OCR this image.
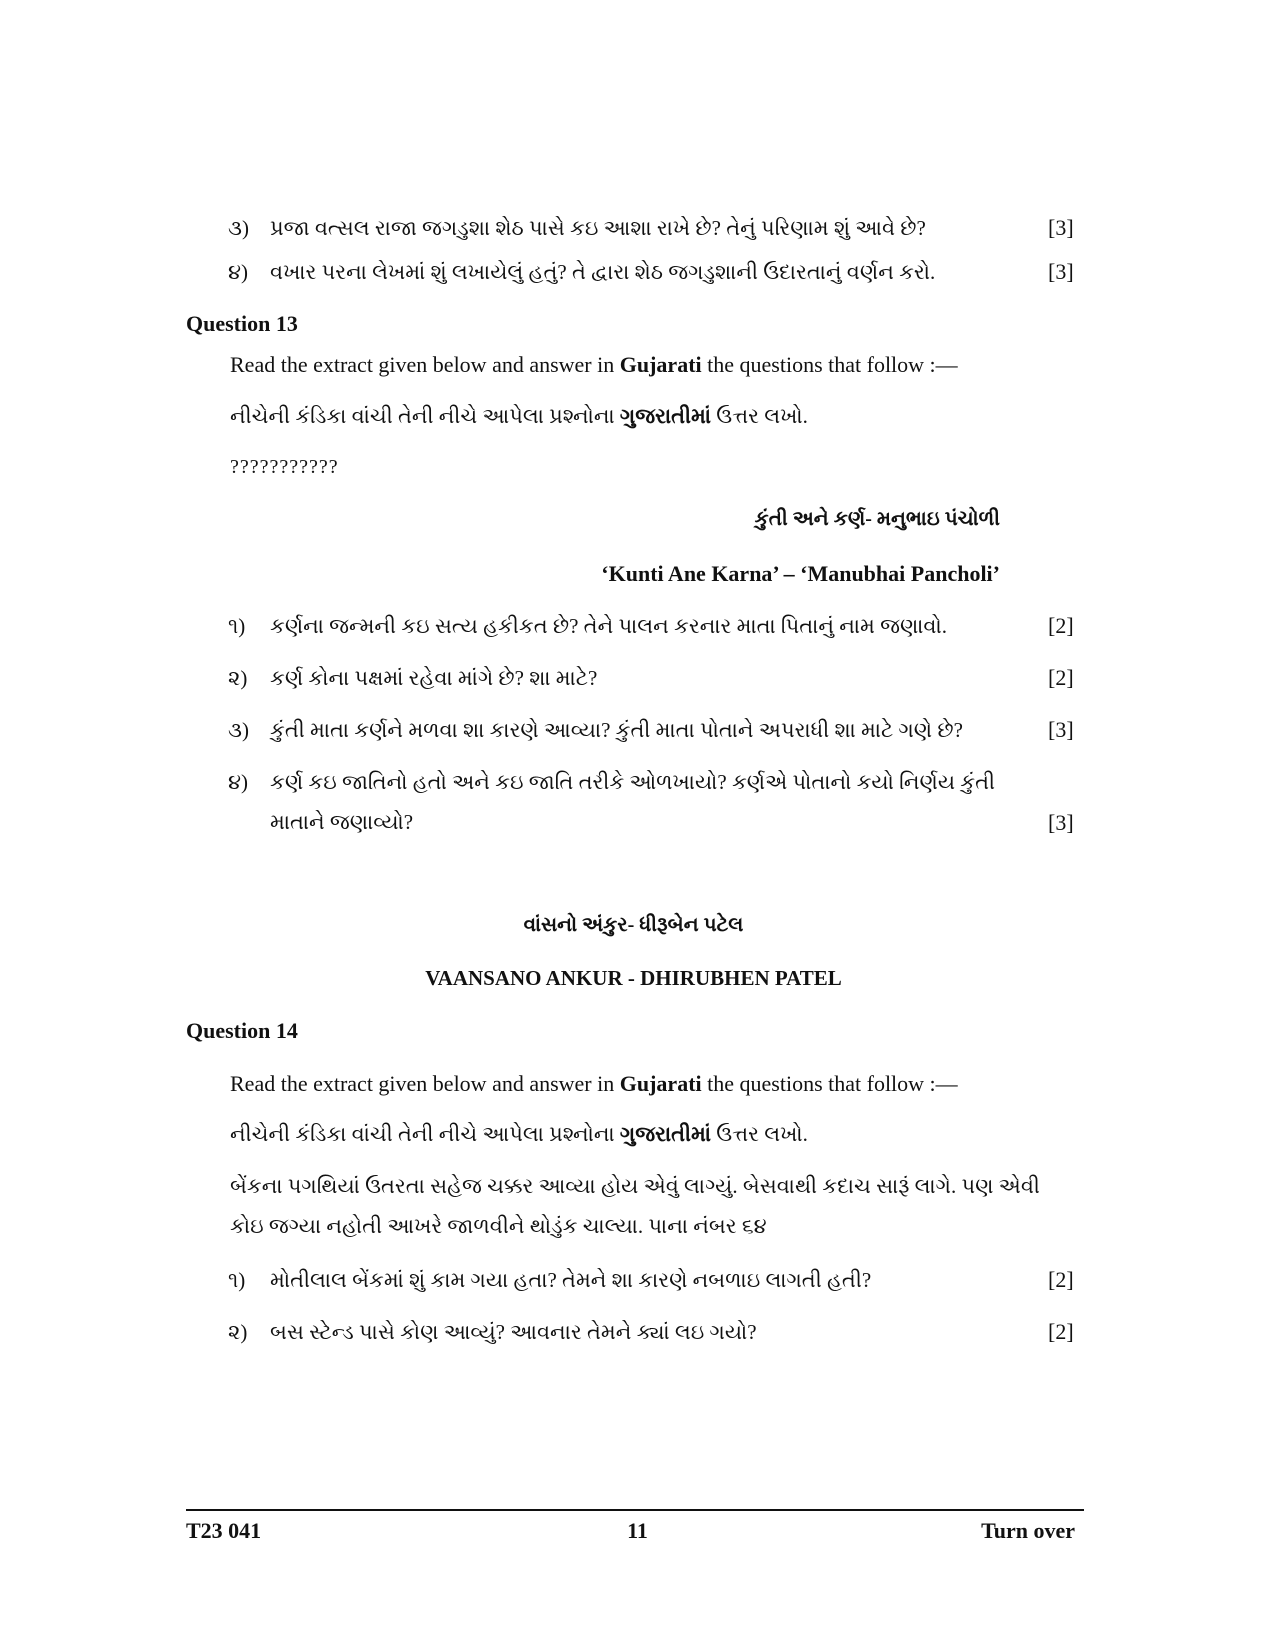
૩) પ્રજા વત્સલ રાજા જગડુશા શેઠ પાસે કઇ આશા રાખે છે? તેનું પરિણામ શું આવે છે?	[3]
૪) વખાર પરના લેખમાં શું લખાયેલું હતું? તે દ્વારા શેઠ જગડુશાની ઉદારતાનું વર્ણન કરો.	[3]
Question 13
Read the extract given below and answer in Gujarati the questions that follow :—
નીચેની કંડિકા વાંચી તેની નીચે આપેલા પ્રશ્નોના ગુજરાતીમાં ઉત્તર લખો.
???????????
કુંતી અને કર્ણ- મનુભાઇ પંચોળી
‘Kunti Ane Karna’ – ‘Manubhai Pancholi’
૧) કર્ણના જન્મની કઇ સત્ય હકીકત છે? તેને પાલન કરનાર માતા પિતાનું નામ જણાવો.	[2]
૨) કર્ણ કોના પક્ષમાં રહેવા માંગે છે? શા માટે?	[2]
૩) કુંતી માતા કર્ણને મળવા શા કારણે આવ્યા? કુંતી માતા પોતાને અપરાધી શા માટે ગણે છે?	[3]
૪) કર્ણ કઇ જાતિનો હતો અને કઇ જાતિ તરીકે ઓળખાયો? કર્ણએ પોતાનો કયો નિર્ણય કુંતી
માતાને જણાવ્યો?	[3]
વાંસનો અંકુર- ધીરૂબેન પટેલ
VAANSANO ANKUR - DHIRUBHEN PATEL
Question 14
Read the extract given below and answer in Gujarati the questions that follow :—
નીચેની કંડિકા વાંચી તેની નીચે આપેલા પ્રશ્નોના ગુજરાતીમાં ઉત્તર લખો.
બેંકના પગથિયાં ઉતરતા સહેજ ચક્કર આવ્યા હોય એવું લાગ્યું. બેસવાથી કદાચ સારૂં લાગે. પણ એવી
કોઇ જગ્યા નહોતી આખરે જાળવીને થોડુંક ચાલ્યા. પાના નંબર ૬૪
૧) મોતીલાલ બેંકમાં શું કામ ગયા હતા? તેમને શા કારણે નબળાઇ લાગતી હતી?	[2]
૨) બસ સ્ટેન્ડ પાસે કોણ આવ્યું? આવનાર તેમને ક્યાં લઇ ગયો?	[2]
T23 041	11	Turn over
